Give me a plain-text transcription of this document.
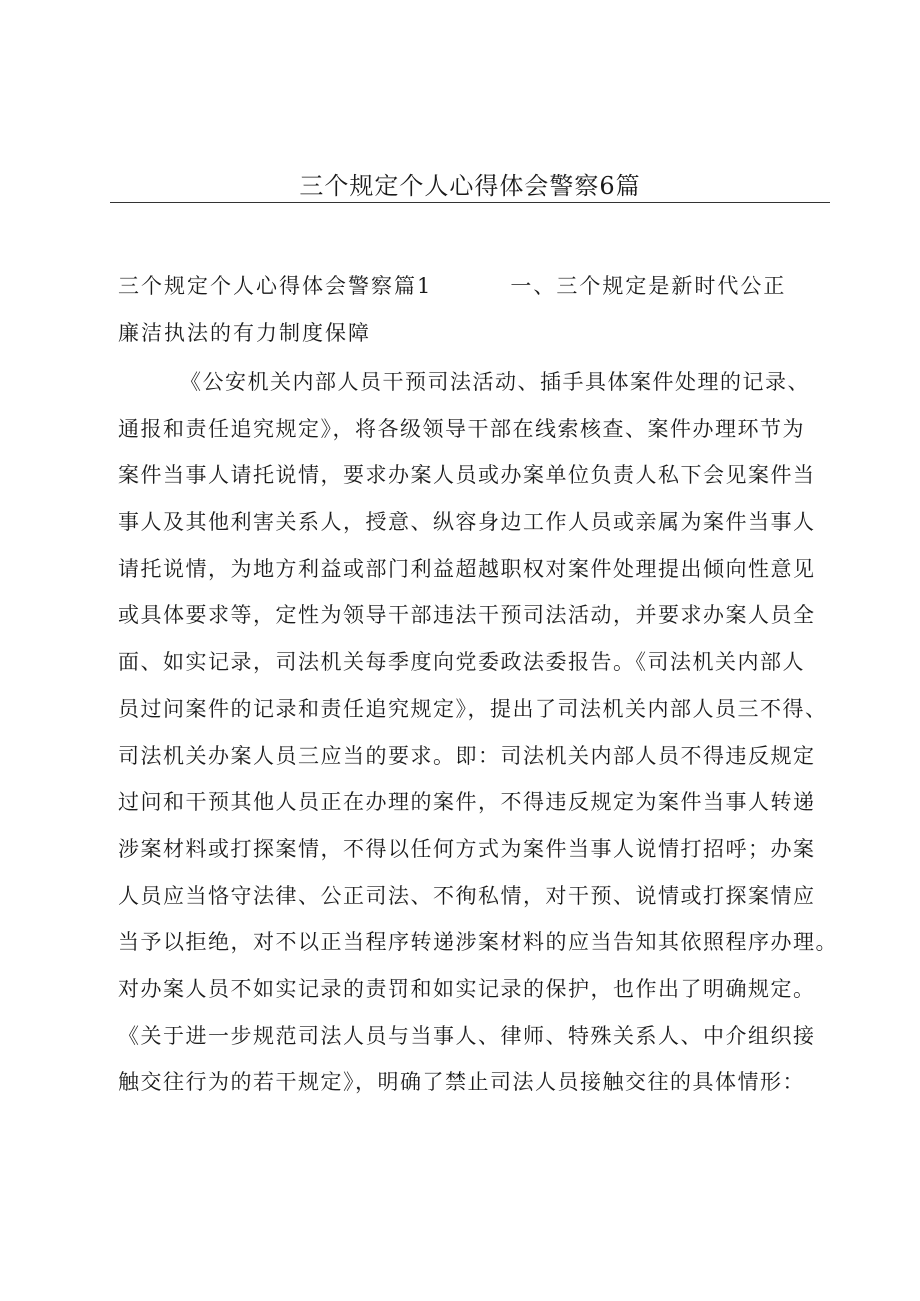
三个规定个人心得体会警察6篇
三个规定个人心得体会警察篇1	一、三个规定是新时代公正
廉洁执法的有力制度保障
《公安机关内部人员干预司法活动、插手具体案件处理的记录、
通报和责任追究规定》，将各级领导干部在线索核查、案件办理环节为
案件当事人请托说情，要求办案人员或办案单位负责人私下会见案件当
事人及其他利害关系人，授意、纵容身边工作人员或亲属为案件当事人
请托说情，为地方利益或部门利益超越职权对案件处理提出倾向性意见
或具体要求等，定性为领导干部违法干预司法活动，并要求办案人员全
面、如实记录，司法机关每季度向党委政法委报告。《司法机关内部人
员过问案件的记录和责任追究规定》，提出了司法机关内部人员三不得、
司法机关办案人员三应当的要求。即：司法机关内部人员不得违反规定
过问和干预其他人员正在办理的案件，不得违反规定为案件当事人转递
涉案材料或打探案情，不得以任何方式为案件当事人说情打招呼；办案
人员应当恪守法律、公正司法、不徇私情，对干预、说情或打探案情应
当予以拒绝，对不以正当程序转递涉案材料的应当告知其依照程序办理。
对办案人员不如实记录的责罚和如实记录的保护，也作出了明确规定。
《关于进一步规范司法人员与当事人、律师、特殊关系人、中介组织接
触交往行为的若干规定》，明确了禁止司法人员接触交往的具体情形：
